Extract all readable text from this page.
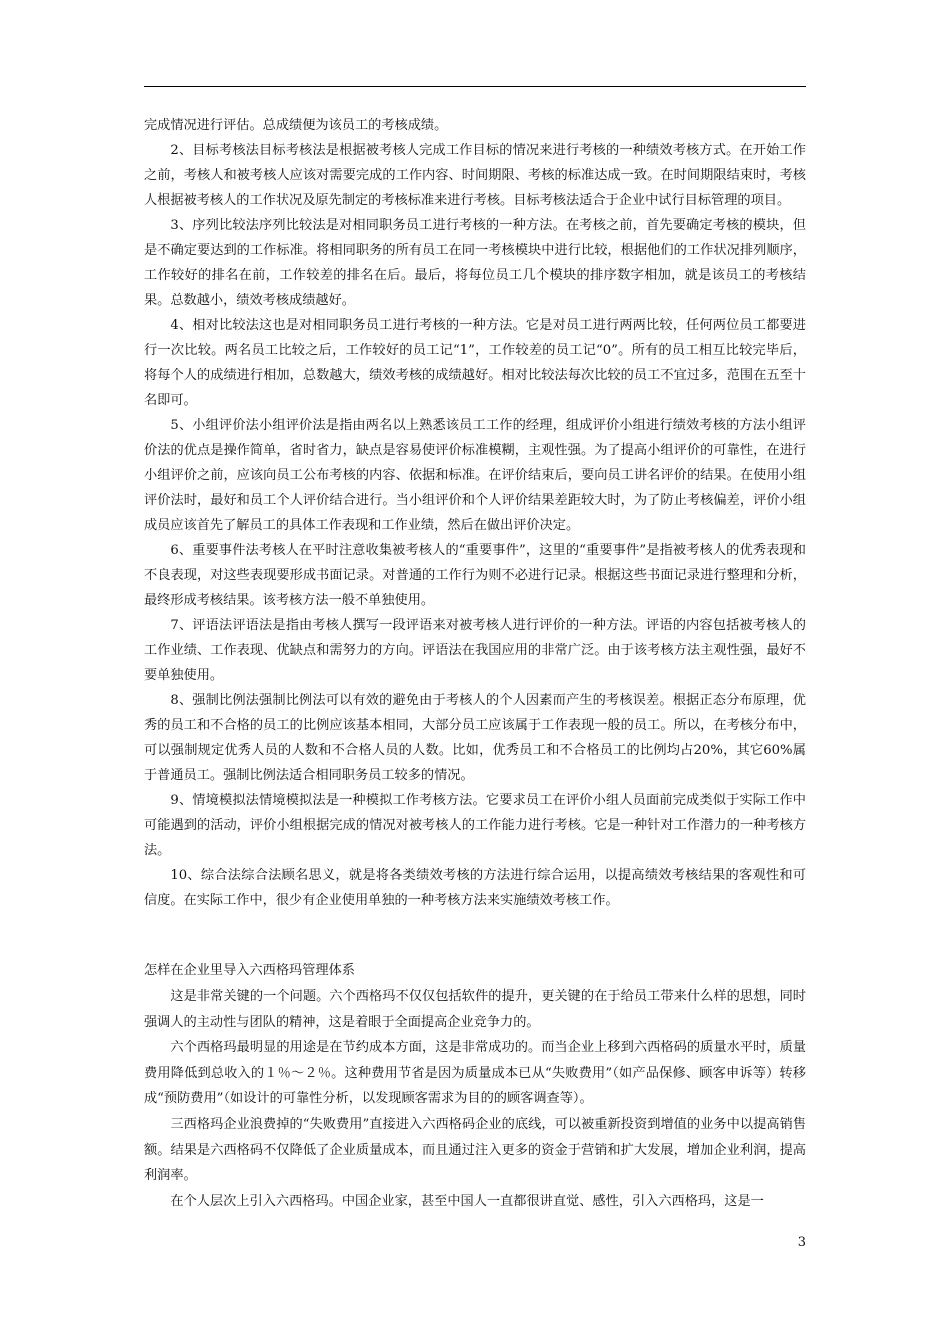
完成情况进行评估。总成绩便为该员工的考核成绩。

2、目标考核法目标考核法是根据被考核人完成工作目标的情况来进行考核的一种绩效考核方式。在开始工作之前，考核人和被考核人应该对需要完成的工作内容、时间期限、考核的标准达成一致。在时间期限结束时，考核人根据被考核人的工作状况及原先制定的考核标准来进行考核。目标考核法适合于企业中试行目标管理的项目。

3、序列比较法序列比较法是对相同职务员工进行考核的一种方法。在考核之前，首先要确定考核的模块，但是不确定要达到的工作标准。将相同职务的所有员工在同一考核模块中进行比较，根据他们的工作状况排列顺序，工作较好的排名在前，工作较差的排名在后。最后，将每位员工几个模块的排序数字相加，就是该员工的考核结果。总数越小，绩效考核成绩越好。

4、相对比较法这也是对相同职务员工进行考核的一种方法。它是对员工进行两两比较，任何两位员工都要进行一次比较。两名员工比较之后，工作较好的员工记“1”，工作较差的员工记“0”。所有的员工相互比较完毕后，将每个人的成绩进行相加，总数越大，绩效考核的成绩越好。相对比较法每次比较的员工不宜过多，范围在五至十名即可。

5、小组评价法小组评价法是指由两名以上熟悉该员工工作的经理，组成评价小组进行绩效考核的方法小组评价法的优点是操作简单，省时省力，缺点是容易使评价标准模糊，主观性强。为了提高小组评价的可靠性，在进行小组评价之前，应该向员工公布考核的内容、依据和标准。在评价结束后，要向员工讲名评价的结果。在使用小组评价法时，最好和员工个人评价结合进行。当小组评价和个人评价结果差距较大时，为了防止考核偏差，评价小组成员应该首先了解员工的具体工作表现和工作业绩，然后在做出评价决定。

6、重要事件法考核人在平时注意收集被考核人的“重要事件”，这里的“重要事件”是指被考核人的优秀表现和不良表现，对这些表现要形成书面记录。对普通的工作行为则不必进行记录。根据这些书面记录进行整理和分析，最终形成考核结果。该考核方法一般不单独使用。

7、评语法评语法是指由考核人撰写一段评语来对被考核人进行评价的一种方法。评语的内容包括被考核人的工作业绩、工作表现、优缺点和需努力的方向。评语法在我国应用的非常广泛。由于该考核方法主观性强，最好不要单独使用。

8、强制比例法强制比例法可以有效的避免由于考核人的个人因素而产生的考核误差。根据正态分布原理，优秀的员工和不合格的员工的比例应该基本相同，大部分员工应该属于工作表现一般的员工。所以，在考核分布中，可以强制规定优秀人员的人数和不合格人员的人数。比如，优秀员工和不合格员工的比例均占20%，其它60%属于普通员工。强制比例法适合相同职务员工较多的情况。

9、情境模拟法情境模拟法是一种模拟工作考核方法。它要求员工在评价小组人员面前完成类似于实际工作中可能遇到的活动，评价小组根据完成的情况对被考核人的工作能力进行考核。它是一种针对工作潜力的一种考核方法。

10、综合法综合法顾名思义，就是将各类绩效考核的方法进行综合运用，以提高绩效考核结果的客观性和可信度。在实际工作中，很少有企业使用单独的一种考核方法来实施绩效考核工作。

怎样在企业里导入六西格玛管理体系

这是非常关键的一个问题。六个西格玛不仅仅包括软件的提升，更关键的在于给员工带来什么样的思想，同时强调人的主动性与团队的精神，这是着眼于全面提高企业竞争力的。

六个西格玛最明显的用途是在节约成本方面，这是非常成功的。而当企业上移到六西格码的质量水平时，质量费用降低到总收入的１％～２％。这种费用节省是因为质量成本已从“失败费用”（如产品保修、顾客申诉等）转移成“预防费用”（如设计的可靠性分析，以发现顾客需求为目的的顾客调查等）。

三西格玛企业浪费掉的“失败费用”直接进入六西格码企业的底线，可以被重新投资到增值的业务中以提高销售额。结果是六西格码不仅降低了企业质量成本，而且通过注入更多的资金于营销和扩大发展，增加企业利润，提高利润率。

在个人层次上引入六西格玛。中国企业家，甚至中国人一直都很讲直觉、感性，引入六西格玛，这是一

3
